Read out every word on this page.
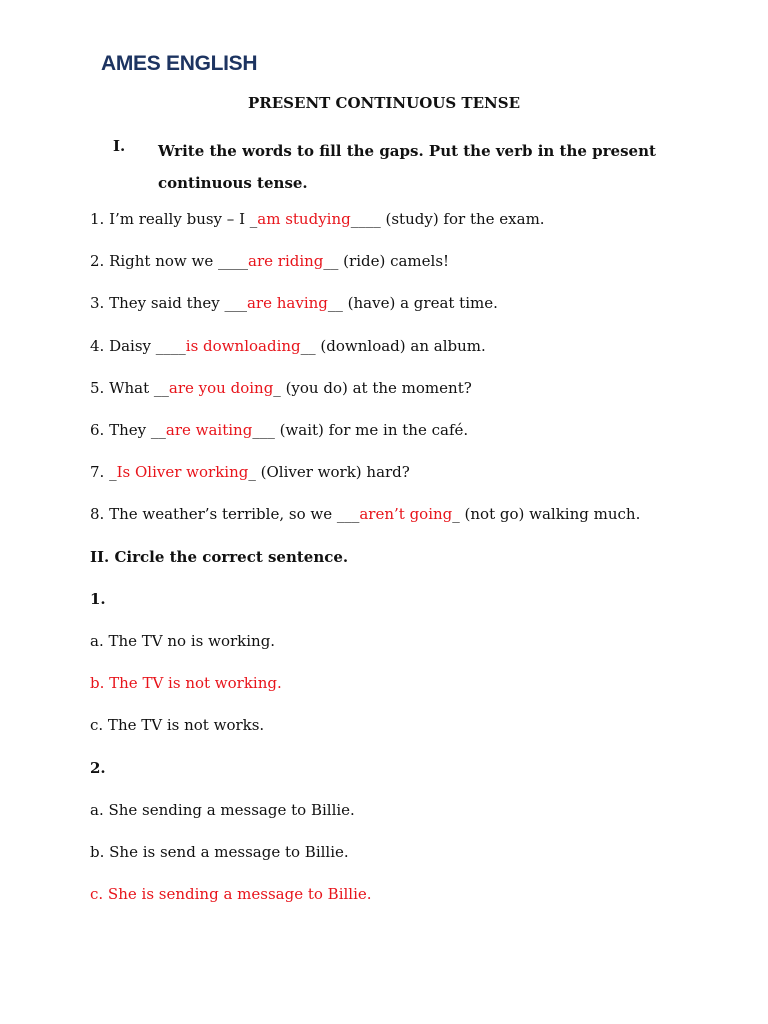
AMES ENGLISH
PRESENT CONTINUOUS TENSE
I. Write the words to fill the gaps. Put the verb in the present continuous tense.
1. I’m really busy – I _am studying____ (study) for the exam.
2. Right now we ____are riding__ (ride) camels!
3. They said they ___are having__ (have) a great time.
4. Daisy ____is downloading__ (download) an album.
5. What __are you doing_ (you do) at the moment?
6. They __are waiting___ (wait) for me in the café.
7. _Is Oliver working_ (Oliver work) hard?
8. The weather’s terrible, so we ___aren’t going_ (not go) walking much.
II. Circle the correct sentence.
1.
a. The TV no is working.
b. The TV is not working.
c. The TV is not works.
2.
a. She sending a message to Billie.
b. She is send a message to Billie.
c. She is sending a message to Billie.
